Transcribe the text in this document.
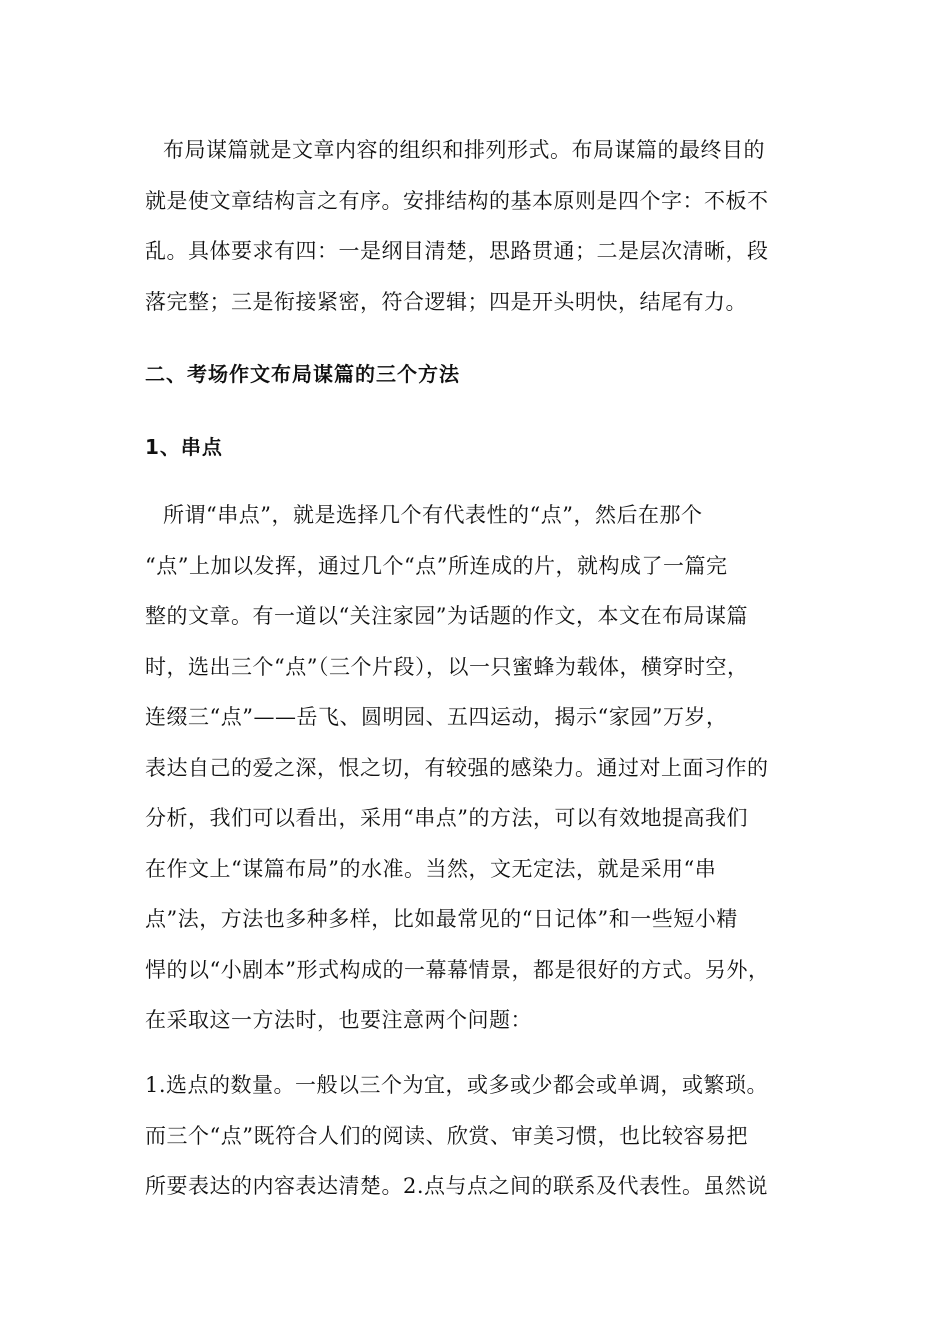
布局谋篇就是文章内容的组织和排列形式。布局谋篇的最终目的
就是使文章结构言之有序。安排结构的基本原则是四个字：不板不
乱。具体要求有四：一是纲目清楚，思路贯通；二是层次清晰，段
落完整；三是衔接紧密，符合逻辑；四是开头明快，结尾有力。
二、考场作文布局谋篇的三个方法
1、串点
所谓“串点”，就是选择几个有代表性的“点”，然后在那个
“点”上加以发挥，通过几个“点”所连成的片，就构成了一篇完
整的文章。有一道以“关注家园”为话题的作文，本文在布局谋篇
时，选出三个“点”（三个片段），以一只蜜蜂为载体，横穿时空，
连缀三“点”——岳飞、圆明园、五四运动，揭示“家园”万岁，
表达自己的爱之深，恨之切，有较强的感染力。通过对上面习作的
分析，我们可以看出，采用“串点”的方法，可以有效地提高我们
在作文上“谋篇布局”的水准。当然，文无定法，就是采用“串
点”法，方法也多种多样，比如最常见的“日记体”和一些短小精
悍的以“小剧本”形式构成的一幕幕情景，都是很好的方式。另外，
在采取这一方法时，也要注意两个问题：
1.选点的数量。一般以三个为宜，或多或少都会或单调，或繁琐。
而三个“点”既符合人们的阅读、欣赏、审美习惯，也比较容易把
所要表达的内容表达清楚。2.点与点之间的联系及代表性。虽然说
